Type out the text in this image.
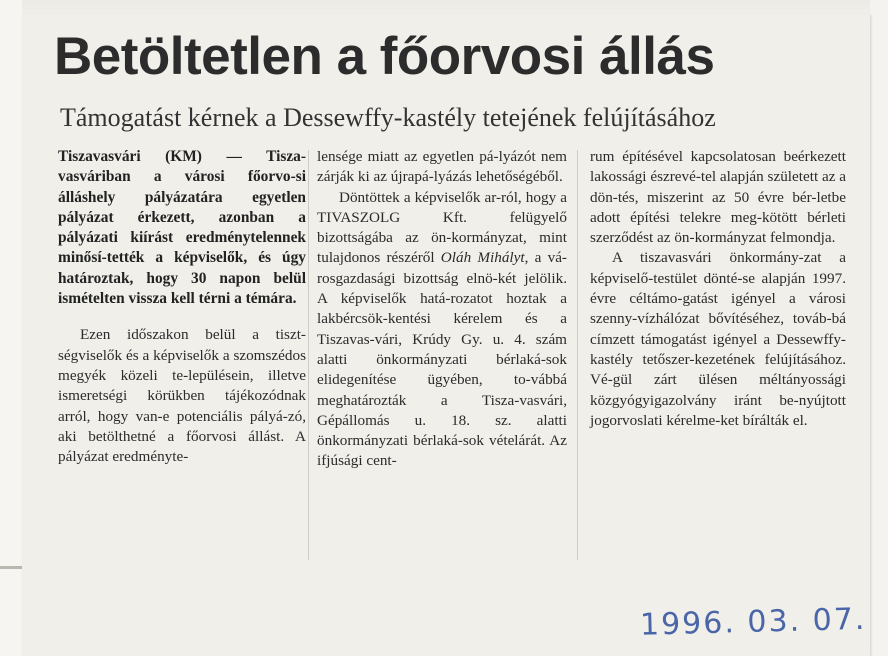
Betöltetlen a főorvosi állás
Támogatást kérnek a Dessewffy-kastély tetejének felújításához

Tiszavasvári (KM) — Tisza-vasváriban a városi főorvo-si álláshely pályázatára egyetlen pályázat érkezett, azonban a pályázati kiírást eredménytelennek minősí-tették a képviselők, és úgy határoztak, hogy 30 napon belül ismételten vissza kell térni a témára.

Ezen időszakon belül a tiszt-ségviselők és a képviselők a szomszédos megyék közeli te-lepülésein, illetve ismeretségi körükben tájékozódnak arról, hogy van-e potenciális pályá-zó, aki betölthetné a főorvosi állást. A pályázat eredményte-

lensége miatt az egyetlen pá-lyázót nem zárják ki az újrapá-lyázás lehetőségéből.

Döntöttek a képviselők ar-ról, hogy a TIVASZOLG Kft. felügyelő bizottságába az ön-kormányzat, mint tulajdonos részéről Oláh Mihályt, a vá-rosgazdasági bizottság elnö-két jelölik. A képviselők hatá-rozatot hoztak a lakbércsök-kentési kérelem és a Tiszavas-vári, Krúdy Gy. u. 4. szám alatti önkormányzati bérlaká-sok elidegenítése ügyében, to-vábbá meghatározták a Tisza-vasvári, Gépállomás u. 18. sz. alatti önkormányzati bérlaká-sok vételárát. Az ifjúsági cent-

rum építésével kapcsolatosan beérkezett lakossági észrevé-tel alapján született az a dön-tés, miszerint az 50 évre bér-letbe adott építési telekre meg-kötött bérleti szerződést az ön-kormányzat felmondja.

A tiszavasvári önkormány-zat a képviselő-testület dönté-se alapján 1997. évre céltámo-gatást igényel a városi szenny-vízhálózat bővítéséhez, továb-bá címzett támogatást igényel a Dessewffy-kastély tetőszer-kezetének felújításához. Vé-gül zárt ülésen méltányossági közgyógyigazolvány iránt be-nyújtott jogorvoslati kérelme-ket bírálták el.

1996. 03. 07.
